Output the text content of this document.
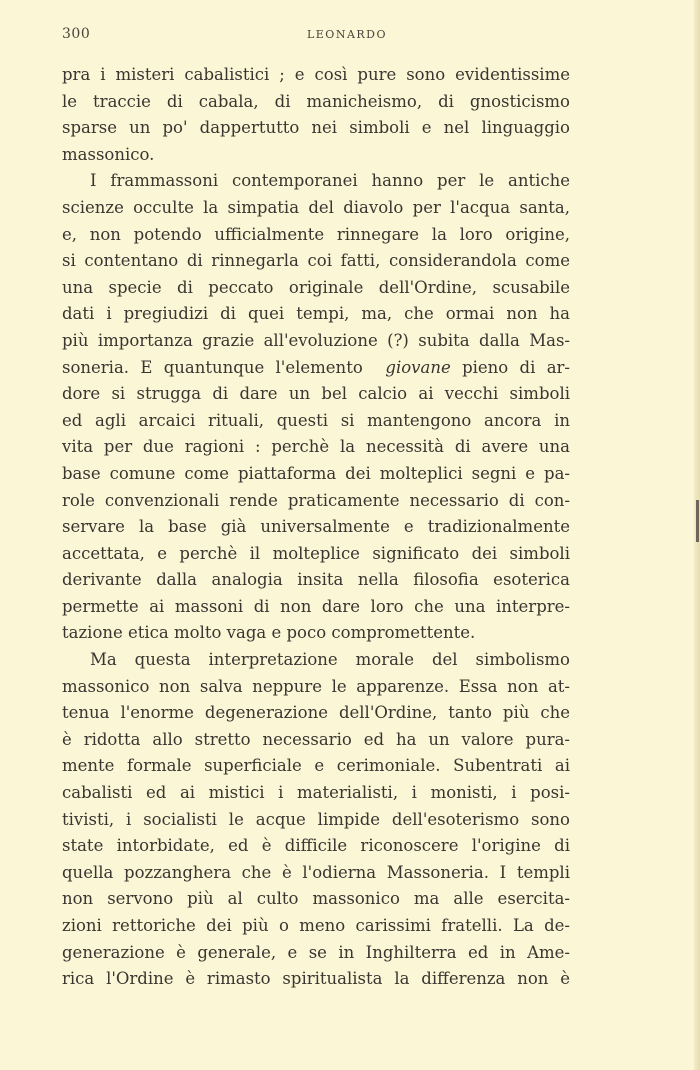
300	LEONARDO
pra i misteri cabalistici ; e così pure sono evidentissime
le traccie di cabala, di manicheismo, di gnosticismo
sparse un po' dappertutto nei simboli e nel linguaggio
massonico.
I frammassoni contemporanei hanno per le antiche
scienze occulte la simpatia del diavolo per l'acqua santa,
e, non potendo ufficialmente rinnegare la loro origine,
si contentano di rinnegarla coi fatti, considerandola come
una specie di peccato originale dell'Ordine, scusabile
dati i pregiudizi di quei tempi, ma, che ormai non ha
più importanza grazie all'evoluzione (?) subita dalla Mas-
soneria. E quantunque l'elemento giovane pieno di ar-
dore si strugga di dare un bel calcio ai vecchi simboli
ed agli arcaici rituali, questi si mantengono ancora in
vita per due ragioni : perchè la necessità di avere una
base comune come piattaforma dei molteplici segni e pa-
role convenzionali rende praticamente necessario di con-
servare la base già universalmente e tradizionalmente
accettata, e perchè il molteplice significato dei simboli
derivante dalla analogia insita nella filosofia esoterica
permette ai massoni di non dare loro che una interpre-
tazione etica molto vaga e poco compromettente.
Ma questa interpretazione morale del simbolismo
massonico non salva neppure le apparenze. Essa non at-
tenua l'enorme degenerazione dell'Ordine, tanto più che
è ridotta allo stretto necessario ed ha un valore pura-
mente formale superficiale e cerimoniale. Subentrati ai
cabalisti ed ai mistici i materialisti, i monisti, i posi-
tivisti, i socialisti le acque limpide dell'esoterismo sono
state intorbidate, ed è difficile riconoscere l'origine di
quella pozzanghera che è l'odierna Massoneria. I templi
non servono più al culto massonico ma alle esercita-
zioni rettoriche dei più o meno carissimi fratelli. La de-
generazione è generale, e se in Inghilterra ed in Ame-
rica l'Ordine è rimasto spiritualista la differenza non è
